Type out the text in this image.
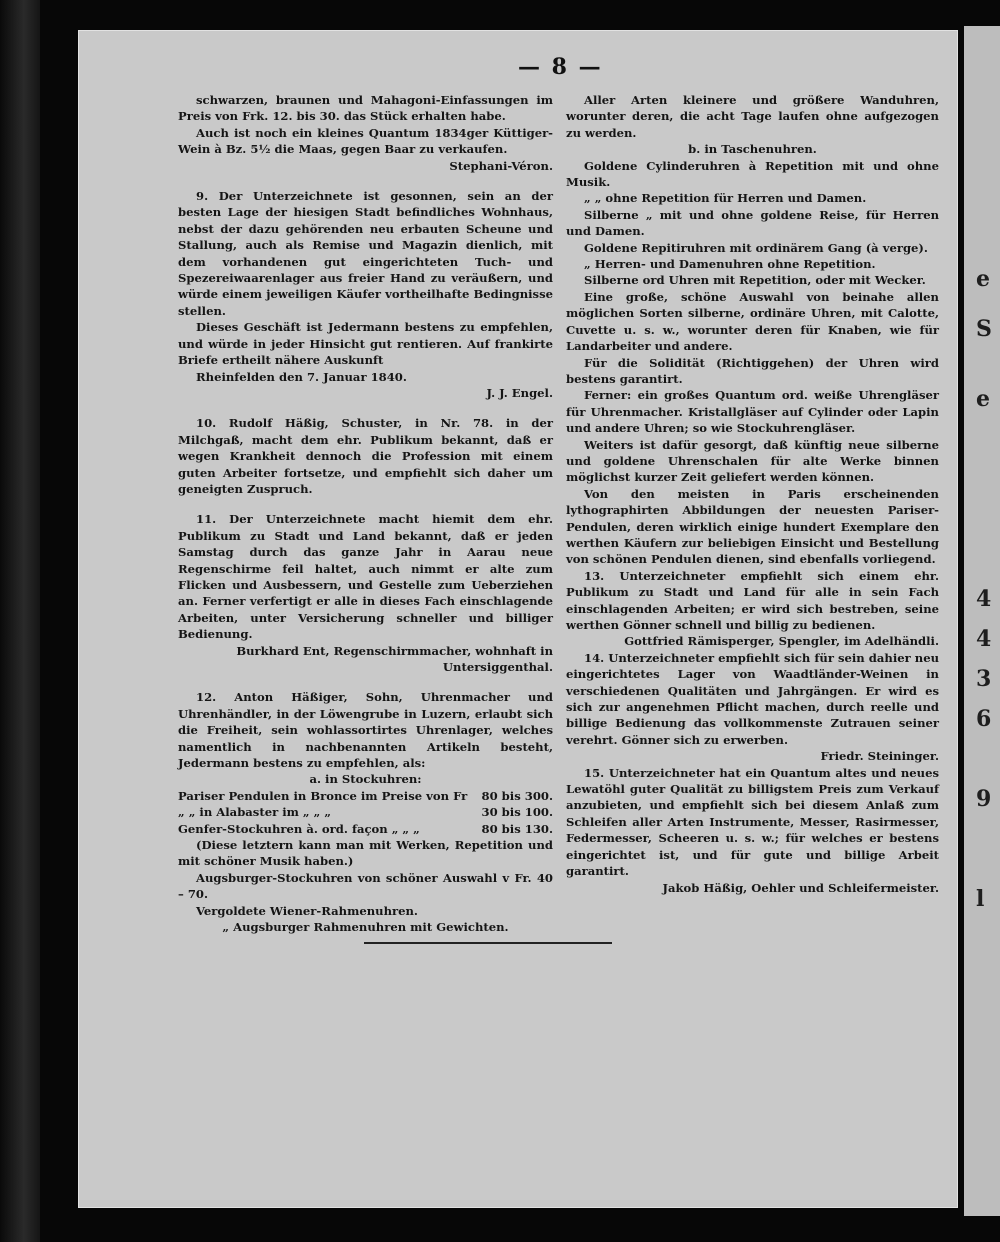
e
S
e
4
4
3
6
9
l
— 8 —

schwarzen, braunen und Mahagoni-Einfassungen im Preis von Frk. 12. bis 30. das Stück erhalten habe.

Auch ist noch ein kleines Quantum 1834ger Küttiger-Wein à Bz. 5½ die Maas, gegen Baar zu verkaufen.

Stephani-Véron.

9. Der Unterzeichnete ist gesonnen, sein an der besten Lage der hiesigen Stadt befindliches Wohnhaus, nebst der dazu gehörenden neu erbauten Scheune und Stallung, auch als Remise und Magazin dienlich, mit dem vorhandenen gut eingerichteten Tuch- und Spezereiwaarenlager aus freier Hand zu veräußern, und würde einem jeweiligen Käufer vortheilhafte Bedingnisse stellen.

Dieses Geschäft ist Jedermann bestens zu empfehlen, und würde in jeder Hinsicht gut rentieren. Auf frankirte Briefe ertheilt nähere Auskunft

Rheinfelden den 7. Januar 1840.

J. J. Engel.

10. Rudolf Häßig, Schuster, in Nr. 78. in der Milchgaß, macht dem ehr. Publikum bekannt, daß er wegen Krankheit dennoch die Profession mit einem guten Arbeiter fortsetze, und empfiehlt sich daher um geneigten Zuspruch.

11. Der Unterzeichnete macht hiemit dem ehr. Publikum zu Stadt und Land bekannt, daß er jeden Samstag durch das ganze Jahr in Aarau neue Regenschirme feil haltet, auch nimmt er alte zum Flicken und Ausbessern, und Gestelle zum Ueberziehen an. Ferner verfertigt er alle in dieses Fach einschlagende Arbeiten, unter Versicherung schneller und billiger Bedienung.

Burkhard Ent, Regenschirmmacher, wohnhaft in Untersiggenthal.

12. Anton Häßiger, Sohn, Uhrenmacher und Uhrenhändler, in der Löwengrube in Luzern, erlaubt sich die Freiheit, sein wohlassortirtes Uhrenlager, welches namentlich in nachbenannten Artikeln besteht, Jedermann bestens zu empfehlen, als:

a. in Stockuhren:

Pariser Pendulen in Bronce im Preise von Fr 80 bis 300.
„ „ in Alabaster im „ „ „	30 bis 100.
Genfer-Stockuhren à. ord. façon „ „ „	80 bis 130.

(Diese letztern kann man mit Werken, Repetition und mit schöner Musik haben.)

Augsburger-Stockuhren von schöner Auswahl v Fr. 40 – 70.

Vergoldete Wiener-Rahmenuhren.

„ Augsburger Rahmenuhren mit Gewichten.

Aller Arten kleinere und größere Wanduhren, worunter deren, die acht Tage laufen ohne aufgezogen zu werden.

b. in Taschenuhren.

Goldene Cylinderuhren à Repetition mit und ohne Musik.

„ „ ohne Repetition für Herren und Damen.

Silberne „ mit und ohne goldene Reise, für Herren und Damen.

Goldene Repitiruhren mit ordinärem Gang (à verge).

„ Herren- und Damenuhren ohne Repetition.

Silberne ord Uhren mit Repetition, oder mit Wecker.

Eine große, schöne Auswahl von beinahe allen möglichen Sorten silberne, ordinäre Uhren, mit Calotte, Cuvette u. s. w., worunter deren für Knaben, wie für Landarbeiter und andere.

Für die Solidität (Richtiggehen) der Uhren wird bestens garantirt.

Ferner: ein großes Quantum ord. weiße Uhrengläser für Uhrenmacher. Kristallgläser auf Cylinder oder Lapin und andere Uhren; so wie Stockuhrengläser.

Weiters ist dafür gesorgt, daß künftig neue silberne und goldene Uhrenschalen für alte Werke binnen möglichst kurzer Zeit geliefert werden können.

Von den meisten in Paris erscheinenden lythographirten Abbildungen der neuesten Pariser-Pendulen, deren wirklich einige hundert Exemplare den werthen Käufern zur beliebigen Einsicht und Bestellung von schönen Pendulen dienen, sind ebenfalls vorliegend.

13. Unterzeichneter empfiehlt sich einem ehr. Publikum zu Stadt und Land für alle in sein Fach einschlagenden Arbeiten; er wird sich bestreben, seine werthen Gönner schnell und billig zu bedienen.

Gottfried Rämisperger, Spengler, im Adelhändli.

14. Unterzeichneter empfiehlt sich für sein dahier neu eingerichtetes Lager von Waadtländer-Weinen in verschiedenen Qualitäten und Jahrgängen. Er wird es sich zur angenehmen Pflicht machen, durch reelle und billige Bedienung das vollkommenste Zutrauen seiner verehrt. Gönner sich zu erwerben.

Friedr. Steininger.

15. Unterzeichneter hat ein Quantum altes und neues Lewatöhl guter Qualität zu billigstem Preis zum Verkauf anzubieten, und empfiehlt sich bei diesem Anlaß zum Schleifen aller Arten Instrumente, Messer, Rasirmesser, Federmesser, Scheeren u. s. w.; für welches er bestens eingerichtet ist, und für gute und billige Arbeit garantirt.

Jakob Häßig, Oehler und Schleifermeister.
